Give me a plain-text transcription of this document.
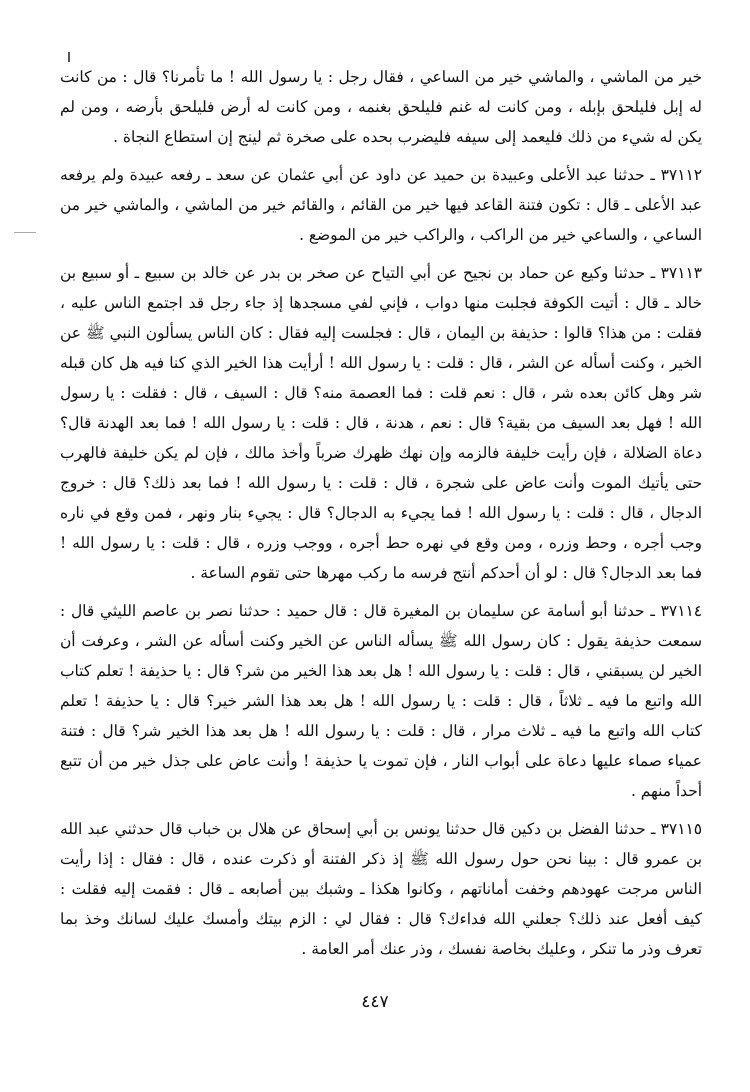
خير من الماشي ، والماشي خير من الساعي ، فقال رجل : يا رسول الله ! ما تأمرنا؟ قال : من كانت له إبل فليلحق بإبله ، ومن كانت له غنم فليلحق بغنمه ، ومن كانت له أرض فليلحق بأرضه ، ومن لم يكن له شيء من ذلك فليعمد إلى سيفه فليضرب بحده على صخرة ثم لينج إن استطاع النجاة .

٣٧١١٢ ـ حدثنا عبد الأعلى وعبيدة بن حميد عن داود عن أبي عثمان عن سعد ـ رفعه عبيدة ولم يرفعه عبد الأعلى ـ قال : تكون فتنة القاعد فيها خير من القائم ، والقائم خير من الماشي ، والماشي خير من الساعي ، والساعي خير من الراكب ، والراكب خير من الموضع .

٣٧١١٣ ـ حدثنا وكيع عن حماد بن نجيح عن أبي التياح عن صخر بن بدر عن خالد بن سبيع ـ أو سبيع بن خالد ـ قال : أتيت الكوفة فجلبت منها دواب ، فإني لفي مسجدها إذ جاء رجل قد اجتمع الناس عليه ، فقلت : من هذا؟ قالوا : حذيفة بن اليمان ، قال : فجلست إليه فقال : كان الناس يسألون النبي ﷺ عن الخير ، وكنت أسأله عن الشر ، قال : قلت : يا رسول الله ! أرأيت هذا الخير الذي كنا فيه هل كان قبله شر وهل كائن بعده شر ، قال : نعم قلت : فما العصمة منه؟ قال : السيف ، قال : فقلت : يا رسول الله ! فهل بعد السيف من بقية؟ قال : نعم ، هدنة ، قال : قلت : يا رسول الله ! فما بعد الهدنة قال؟ دعاة الضلالة ، فإن رأيت خليفة فالزمه وإن نهك ظهرك ضرباً وأخذ مالك ، فإن لم يكن خليفة فالهرب حتى يأتيك الموت وأنت عاض على شجرة ، قال : قلت : يا رسول الله ! فما بعد ذلك؟ قال : خروج الدجال ، قال : قلت : يا رسول الله ! فما يجيء به الدجال؟ قال : يجيء بنار ونهر ، فمن وقع في ناره وجب أجره ، وحط وزره ، ومن وقع في نهره حط أجره ، ووجب وزره ، قال : قلت : يا رسول الله ! فما بعد الدجال؟ قال : لو أن أحدكم أنتج فرسه ما ركب مهرها حتى تقوم الساعة .

٣٧١١٤ ـ حدثنا أبو أسامة عن سليمان بن المغيرة قال : قال حميد : حدثنا نصر بن عاصم الليثي قال : سمعت حذيفة يقول : كان رسول الله ﷺ يسأله الناس عن الخير وكنت أسأله عن الشر ، وعرفت أن الخير لن يسبقني ، قال : قلت : يا رسول الله ! هل بعد هذا الخير من شر؟ قال : يا حذيفة ! تعلم كتاب الله واتبع ما فيه ـ ثلاثاً ، قال : قلت : يا رسول الله ! هل بعد هذا الشر خير؟ قال : يا حذيفة ! تعلم كتاب الله واتبع ما فيه ـ ثلاث مرار ، قال : قلت : يا رسول الله ! هل بعد هذا الخير شر؟ قال : فتنة عمياء صماء عليها دعاة على أبواب النار ، فإن تموت يا حذيفة ! وأنت عاض على جذل خير من أن تتبع أحداً منهم .

٣٧١١٥ ـ حدثنا الفضل بن دكين قال حدثنا يونس بن أبي إسحاق عن هلال بن خباب قال حدثني عبد الله بن عمرو قال : بينا نحن حول رسول الله ﷺ إذ ذكر الفتنة أو ذكرت عنده ، قال : فقال : إذا رأيت الناس مرجت عهودهم وخفت أماناتهم ، وكانوا هكذا ـ وشبك بين أصابعه ـ قال : فقمت إليه فقلت : كيف أفعل عند ذلك؟ جعلني الله فداءك؟ قال : فقال لي : الزم بيتك وأمسك عليك لسانك وخذ بما تعرف وذر ما تنكر ، وعليك بخاصة نفسك ، وذر عنك أمر العامة .

٤٤٧
